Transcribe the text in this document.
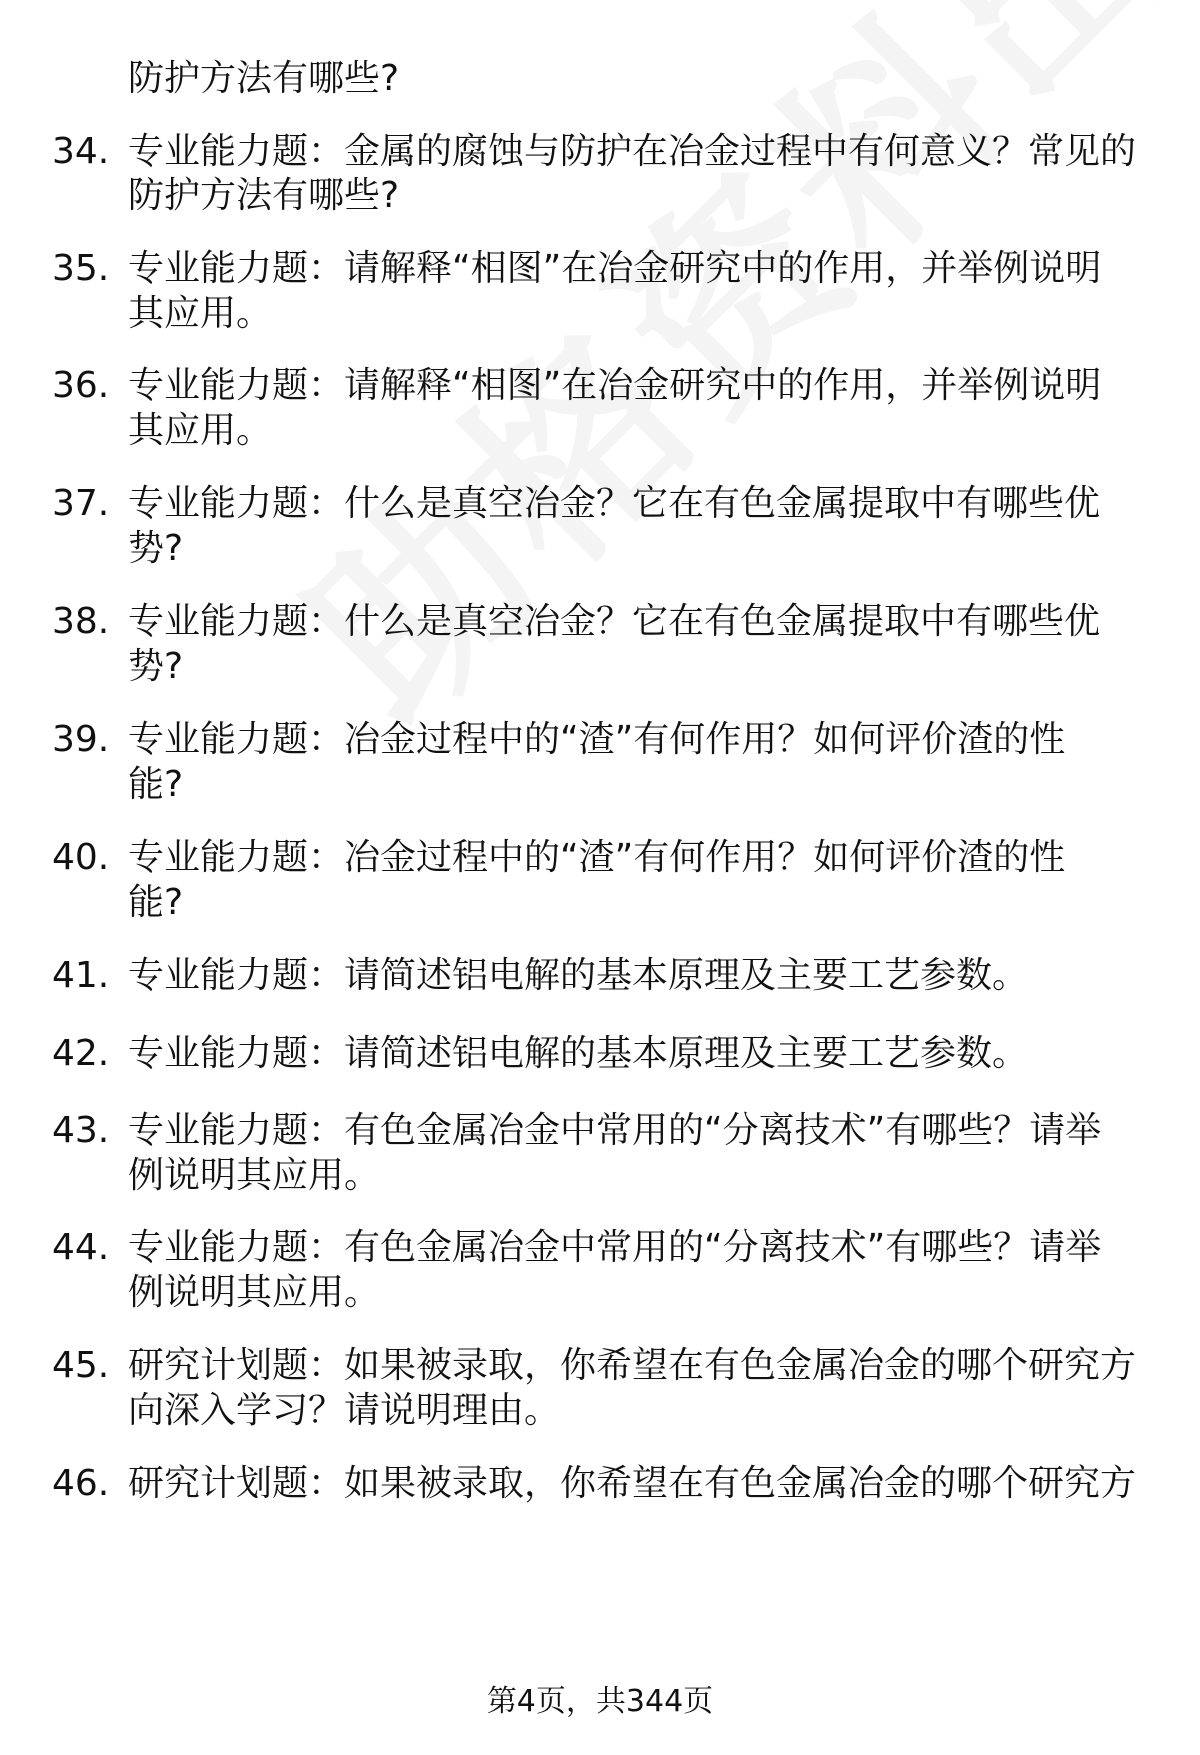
防护方法有哪些?
34. 专业能力题：金属的腐蚀与防护在冶金过程中有何意义？常见的
防护方法有哪些?
35. 专业能力题：请解释“相图”在冶金研究中的作用，并举例说明
其应用。
36. 专业能力题：请解释“相图”在冶金研究中的作用，并举例说明
其应用。
37. 专业能力题：什么是真空冶金？它在有色金属提取中有哪些优
势?
38. 专业能力题：什么是真空冶金？它在有色金属提取中有哪些优
势?
39. 专业能力题：冶金过程中的“渣”有何作用？如何评价渣的性
能?
40. 专业能力题：冶金过程中的“渣”有何作用？如何评价渣的性
能?
41. 专业能力题：请简述铝电解的基本原理及主要工艺参数。
42. 专业能力题：请简述铝电解的基本原理及主要工艺参数。
43. 专业能力题：有色金属冶金中常用的“分离技术”有哪些？请举
例说明其应用。
44. 专业能力题：有色金属冶金中常用的“分离技术”有哪些？请举
例说明其应用。
45. 研究计划题：如果被录取，你希望在有色金属冶金的哪个研究方
向深入学习？请说明理由。
46. 研究计划题：如果被录取，你希望在有色金属冶金的哪个研究方
第4页，共344页
